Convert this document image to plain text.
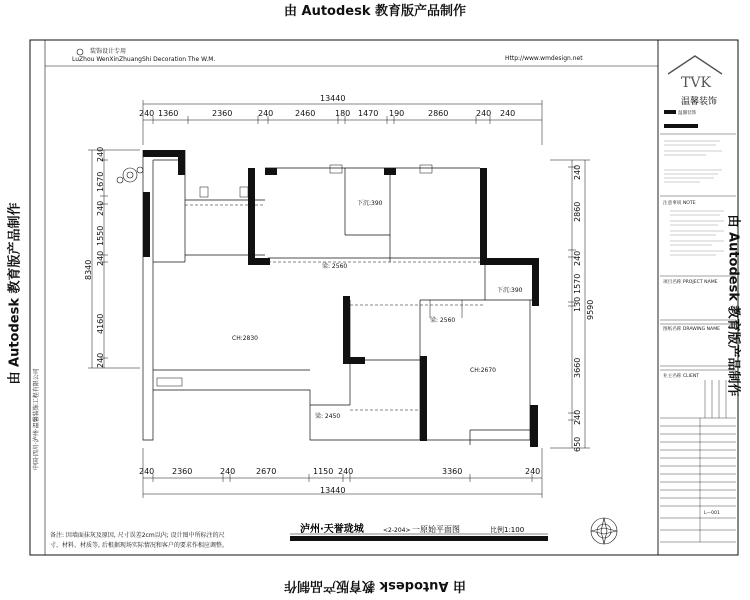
由 Autodesk 教育版产品制作
由 Autodesk 教育版产品制作
由 Autodesk 教育版产品制作	由 Autodesk 教育版产品制作
装饰设计专用
LuZhou WenXinZhuangShi Decoration The W.M.	Http://www.wmdesign.net
中国·四川·泸州·温馨装饰工程有限公司
13440
240 1360	2360	240	2460 180 1470 190	2860	240 240
240 2360	240	2670	1150 240	3360	240
13440
8340
240
1670
240
1550
240
4160
240
9590
240
2860
240
1570
130
3660
240
650
下沉:390
梁: 2560
下沉:390
梁: 2560
CH:2830
CH:2670
梁: 2450
备注: 因墙面抹灰及原因, 尺寸误差2cm以内; 设计图中所标注的尺
寸、材料、材质等, 后根据现场实际情况和客户的要求作相应调整。
泸州·天誉珑城	<2-204> 一原始平面图	比例1:100
TVK
温馨装饰
温馨装饰
注意事项 NOTE
项目名称 PROJECT NAME
图纸名称 DRAWING NAME
业主名称 CLIENT
L—001
